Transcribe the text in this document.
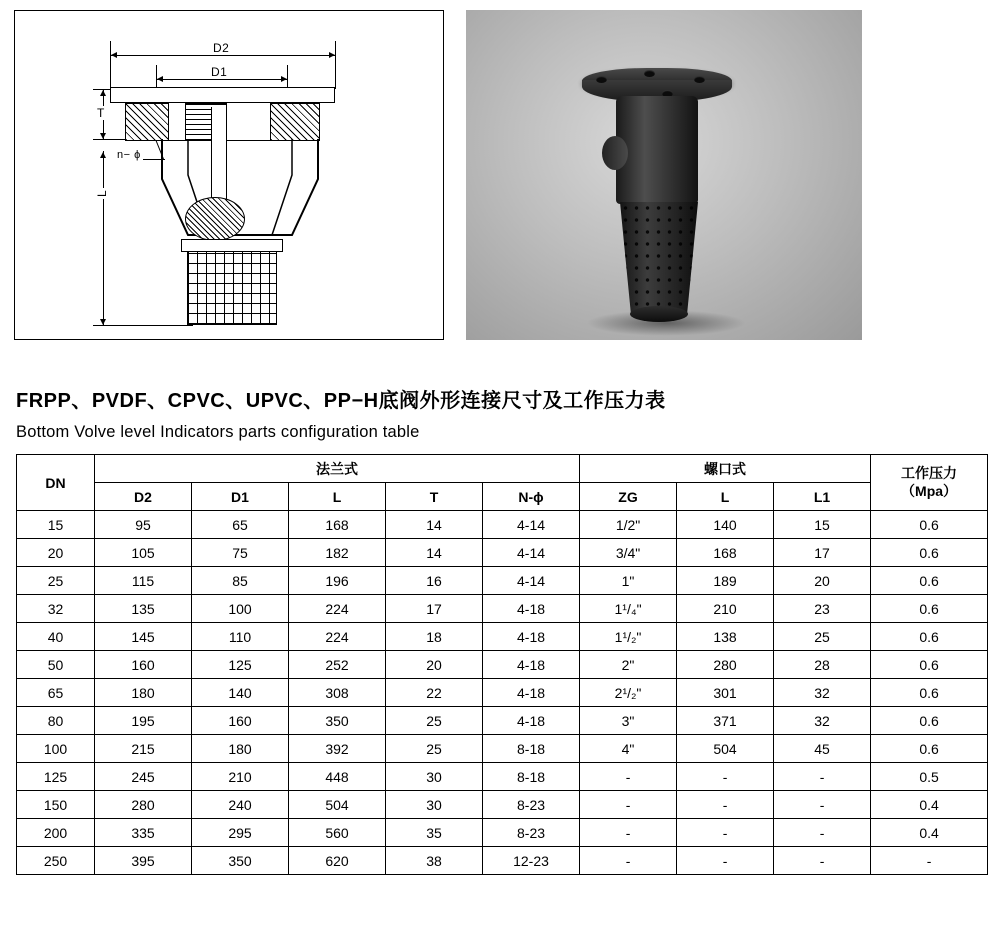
D2
D1
T
L
n− ϕ
FRPP、PVDF、CPVC、UPVC、PP−H底阀外形连接尺寸及工作压力表
Bottom Volve level Indicators parts configuration table
DN	法兰式					螺口式			工作压力
（Mpa）

	D2	D1	L	T	N-ϕ	ZG	L	L1	
15	95	65	168	14	4-14	1/2"	140	15	0.6
20	105	75	182	14	4-14	3/4"	168	17	0.6
25	115	85	196	16	4-14	1"	189	20	0.6
32	135	100	224	17	4-18	1¹/₄"	210	23	0.6
40	145	110	224	18	4-18	1¹/₂"	138	25	0.6
50	160	125	252	20	4-18	2"	280	28	0.6
65	180	140	308	22	4-18	2¹/₂"	301	32	0.6
80	195	160	350	25	4-18	3"	371	32	0.6
100	215	180	392	25	8-18	4"	504	45	0.6
125	245	210	448	30	8-18	-	-	-	0.5
150	280	240	504	30	8-23	-	-	-	0.4
200	335	295	560	35	8-23	-	-	-	0.4
250	395	350	620	38	12-23	-	-	-	-
